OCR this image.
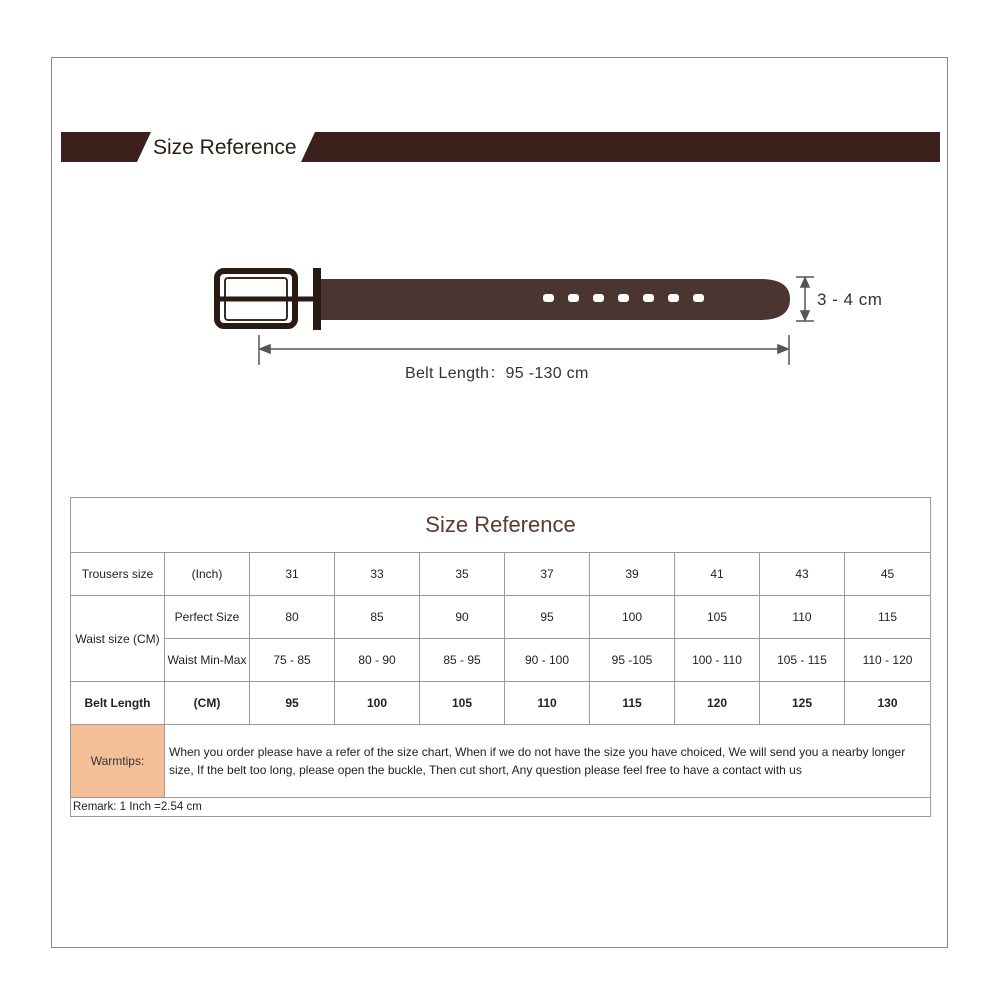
Size Reference
3 - 4 cm
Belt Length：95 -130 cm
Size Reference									
Trousers size	(Inch)	31	33	35	37	39	41	43	45
Waist size (CM)	Perfect Size	80	85	90	95	100	105	110	115
	Waist Min-Max	75 - 85	80 - 90	85 - 95	90 - 100	95 -105	100 - 110	105 - 115	110 - 120
Belt Length	(CM)	95	100	105	110	115	120	125	130
Warmtips:	When you order please have a refer of the size chart, When if we do not have the size you have choiced, We will send you a nearby longer size, If the belt too long, please open the buckle, Then cut short, Any question please feel free to have a contact with us								
Remark: 1 Inch =2.54 cm									
